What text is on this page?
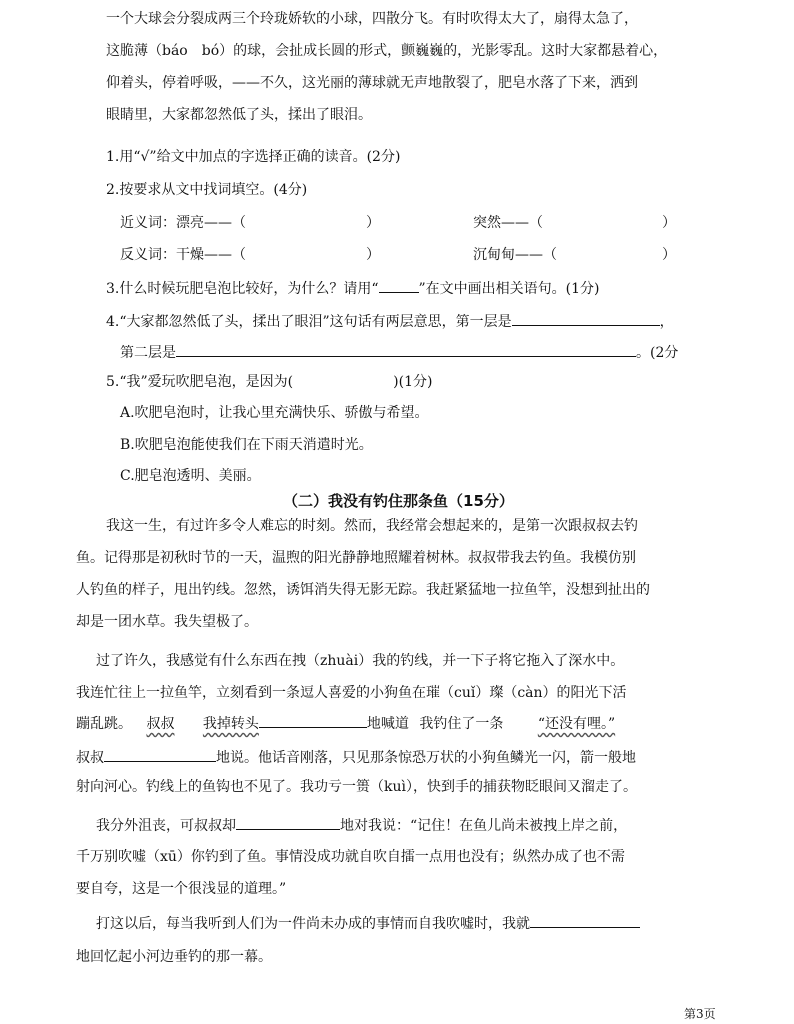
一个大球会分裂成两三个玲珑娇软的小球，四散分飞。有时吹得太大了，扇得太急了，
这脆薄（báo　bó）的球，会扯成长圆的形式，颤巍巍的，光影零乱。这时大家都悬着心，
仰着头，停着呼吸，——不久，这光丽的薄球就无声地散裂了，肥皂水落了下来，洒到
眼睛里，大家都忽然低了头，揉出了眼泪。
1.用“√”给文中加点的字选择正确的读音。(2分)
2.按要求从文中找词填空。(4分)
近义词：漂亮——（	）	突然——（	）
反义词：干燥——（	）	沉甸甸——（	）
3.什么时候玩肥皂泡比较好，为什么？请用“	”在文中画出相关语句。(1分)
4.“大家都忽然低了头，揉出了眼泪”这句话有两层意思，第一层是	，
第二层是	。(2分
5.“我”爱玩吹肥皂泡，是因为(	)(1分)
A.吹肥皂泡时，让我心里充满快乐、骄傲与希望。
B.吹肥皂泡能使我们在下雨天消遣时光。
C.肥皂泡透明、美丽。
（二）我没有钓住那条鱼（15分）
我这一生，有过许多令人难忘的时刻。然而，我经常会想起来的，是第一次跟叔叔去钓
鱼。记得那是初秋时节的一天，温煦的阳光静静地照耀着树林。叔叔带我去钓鱼。我模仿别
人钓鱼的样子，甩出钓线。忽然，诱饵消失得无影无踪。我赶紧猛地一拉鱼竿，没想到扯出的
却是一团水草。我失望极了。
过了许久，我感觉有什么东西在拽（zhuài）我的钓线，并一下子将它拖入了深水中。
我连忙往上一拉鱼竿，立刻看到一条逗人喜爱的小狗鱼在璀（cuǐ）璨（càn）的阳光下活
蹦乱跳。 叔叔 我掉转头	地喊道 我钓住了一条 “还没有哩。”
叔叔	地说。他话音刚落，只见那条惊恐万状的小狗鱼鳞光一闪，箭一般地
射向河心。钓线上的鱼钩也不见了。我功亏一篑（kuì），快到手的捕获物眨眼间又溜走了。
我分外沮丧，可叔叔却	地对我说：“记住！在鱼儿尚未被拽上岸之前，
千万别吹嘘（xū）你钓到了鱼。事情没成功就自吹自擂一点用也没有；纵然办成了也不需
要自夸，这是一个很浅显的道理。”
打这以后，每当我听到人们为一件尚未办成的事情而自我吹嘘时，我就
地回忆起小河边垂钓的那一幕。
第3页
